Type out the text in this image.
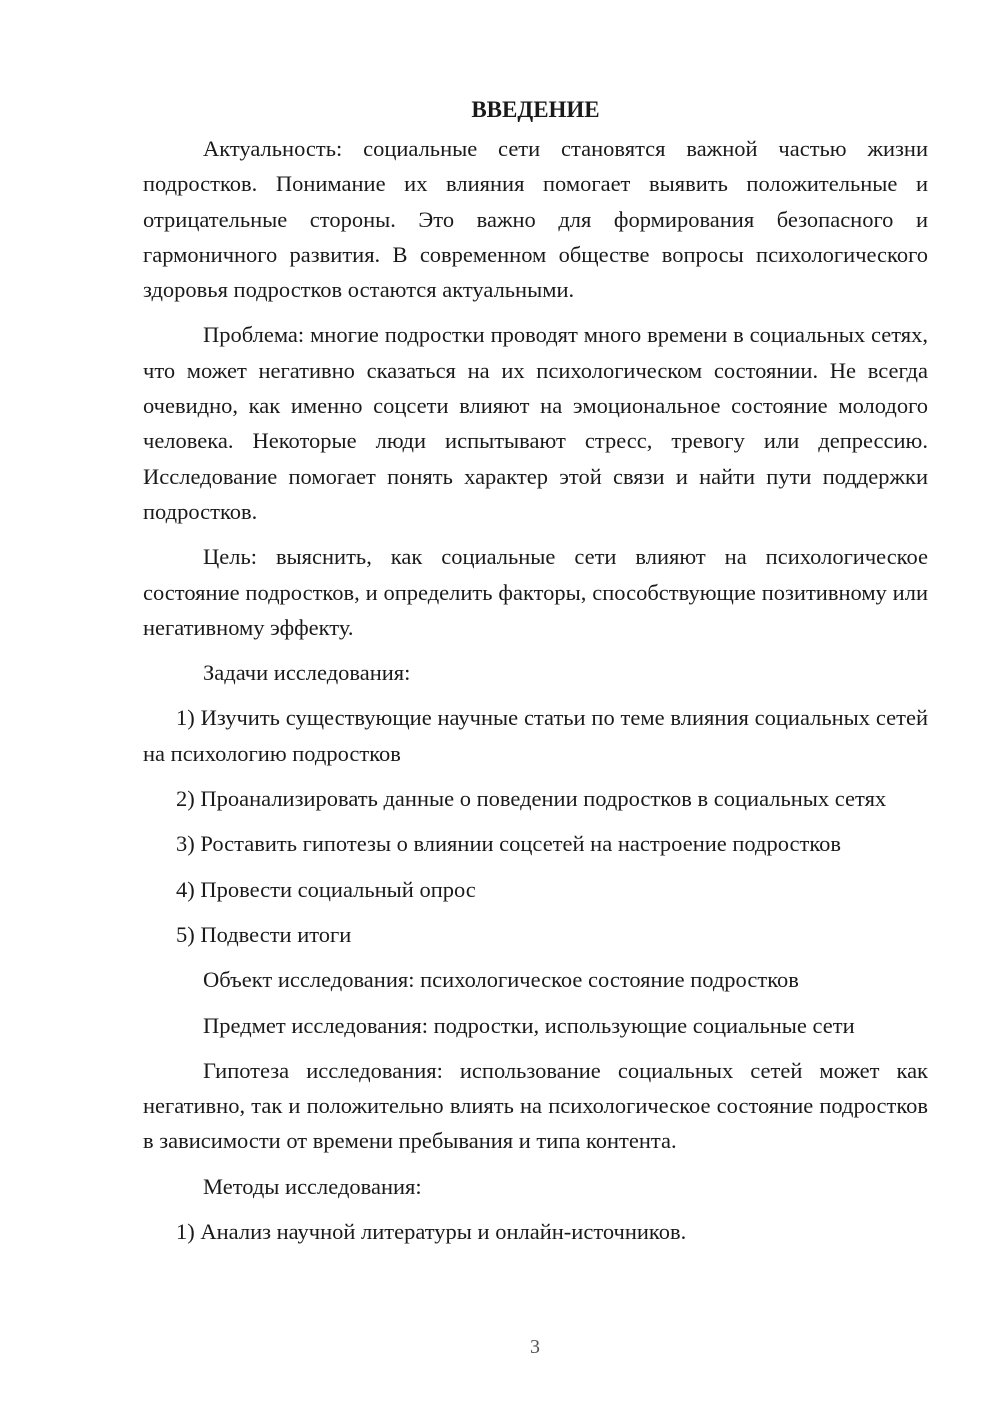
ВВЕДЕНИЕ

Актуальность: социальные сети становятся важной частью жизни подростков. Понимание их влияния помогает выявить положительные и отрицательные стороны. Это важно для формирования безопасного и гармоничного развития. В современном обществе вопросы психологического здоровья подростков остаются актуальными.

Проблема: многие подростки проводят много времени в социальных сетях, что может негативно сказаться на их психологическом состоянии. Не всегда очевидно, как именно соцсети влияют на эмоциональное состояние молодого человека. Некоторые люди испытывают стресс, тревогу или депрессию. Исследование помогает понять характер этой связи и найти пути поддержки подростков.

Цель: выяснить, как социальные сети влияют на психологическое состояние подростков, и определить факторы, способствующие позитивному или негативному эффекту.

Задачи исследования:

1) Изучить существующие научные статьи по теме влияния социальных сетей на психологию подростков

2) Проанализировать данные о поведении подростков в социальных сетях

3) Роставить гипотезы о влиянии соцсетей на настроение подростков

4) Провести социальный опрос

5) Подвести итоги

Объект исследования: психологическое состояние подростков

Предмет исследования: подростки, использующие социальные сети

Гипотеза исследования: использование социальных сетей может как негативно, так и положительно влиять на психологическое состояние подростков в зависимости от времени пребывания и типа контента.

Методы исследования:

1) Анализ научной литературы и онлайн-источников.

3
